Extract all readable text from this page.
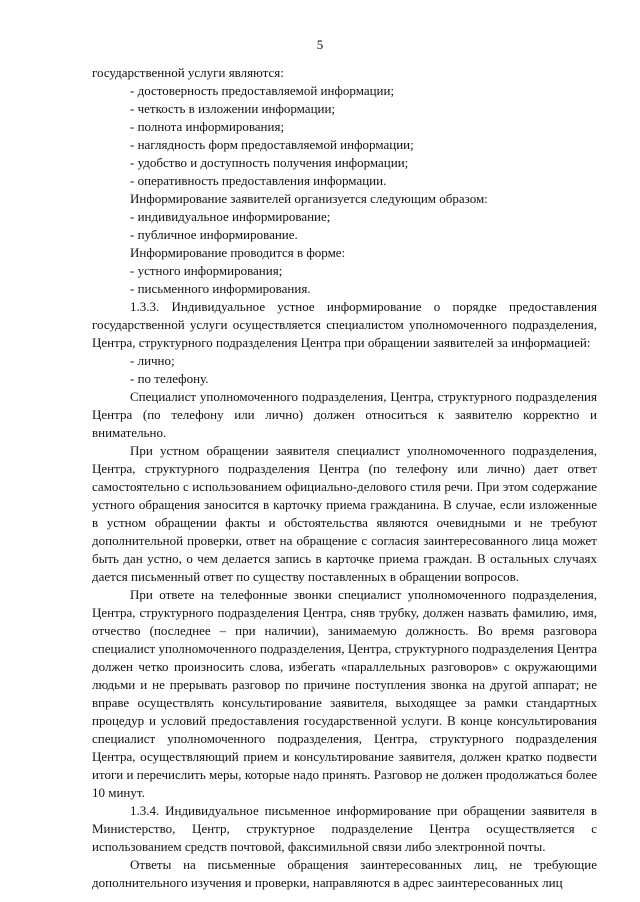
5

государственной услуги являются:

- достоверность предоставляемой информации;

- четкость в изложении информации;

- полнота информирования;

- наглядность форм предоставляемой информации;

- удобство и доступность получения информации;

- оперативность предоставления информации.

Информирование заявителей организуется следующим образом:

- индивидуальное информирование;

- публичное информирование.

Информирование проводится в форме:

- устного информирования;

- письменного информирования.

1.3.3. Индивидуальное устное информирование о порядке предоставления государственной услуги осуществляется специалистом уполномоченного подразделения, Центра, структурного подразделения Центра при обращении заявителей за информацией:

- лично;

- по телефону.

Специалист уполномоченного подразделения, Центра, структурного подразделения Центра (по телефону или лично) должен относиться к заявителю корректно и внимательно.

При устном обращении заявителя специалист уполномоченного подразделения, Центра, структурного подразделения Центра (по телефону или лично) дает ответ самостоятельно с использованием официально-делового стиля речи. При этом содержание устного обращения заносится в карточку приема гражданина. В случае, если изложенные в устном обращении факты и обстоятельства являются очевидными и не требуют дополнительной проверки, ответ на обращение с согласия заинтересованного лица может быть дан устно, о чем делается запись в карточке приема граждан. В остальных случаях дается письменный ответ по существу поставленных в обращении вопросов.

При ответе на телефонные звонки специалист уполномоченного подразделения, Центра, структурного подразделения Центра, сняв трубку, должен назвать фамилию, имя, отчество (последнее – при наличии), занимаемую должность. Во время разговора специалист уполномоченного подразделения, Центра, структурного подразделения Центра должен четко произносить слова, избегать «параллельных разговоров» с окружающими людьми и не прерывать разговор по причине поступления звонка на другой аппарат; не вправе осуществлять консультирование заявителя, выходящее за рамки стандартных процедур и условий предоставления государственной услуги. В конце консультирования специалист уполномоченного подразделения, Центра, структурного подразделения Центра, осуществляющий прием и консультирование заявителя, должен кратко подвести итоги и перечислить меры, которые надо принять. Разговор не должен продолжаться более 10 минут.

1.3.4. Индивидуальное письменное информирование при обращении заявителя в Министерство, Центр, структурное подразделение Центра осуществляется с использованием средств почтовой, факсимильной связи либо электронной почты.

Ответы на письменные обращения заинтересованных лиц, не требующие дополнительного изучения и проверки, направляются в адрес заинтересованных лиц
